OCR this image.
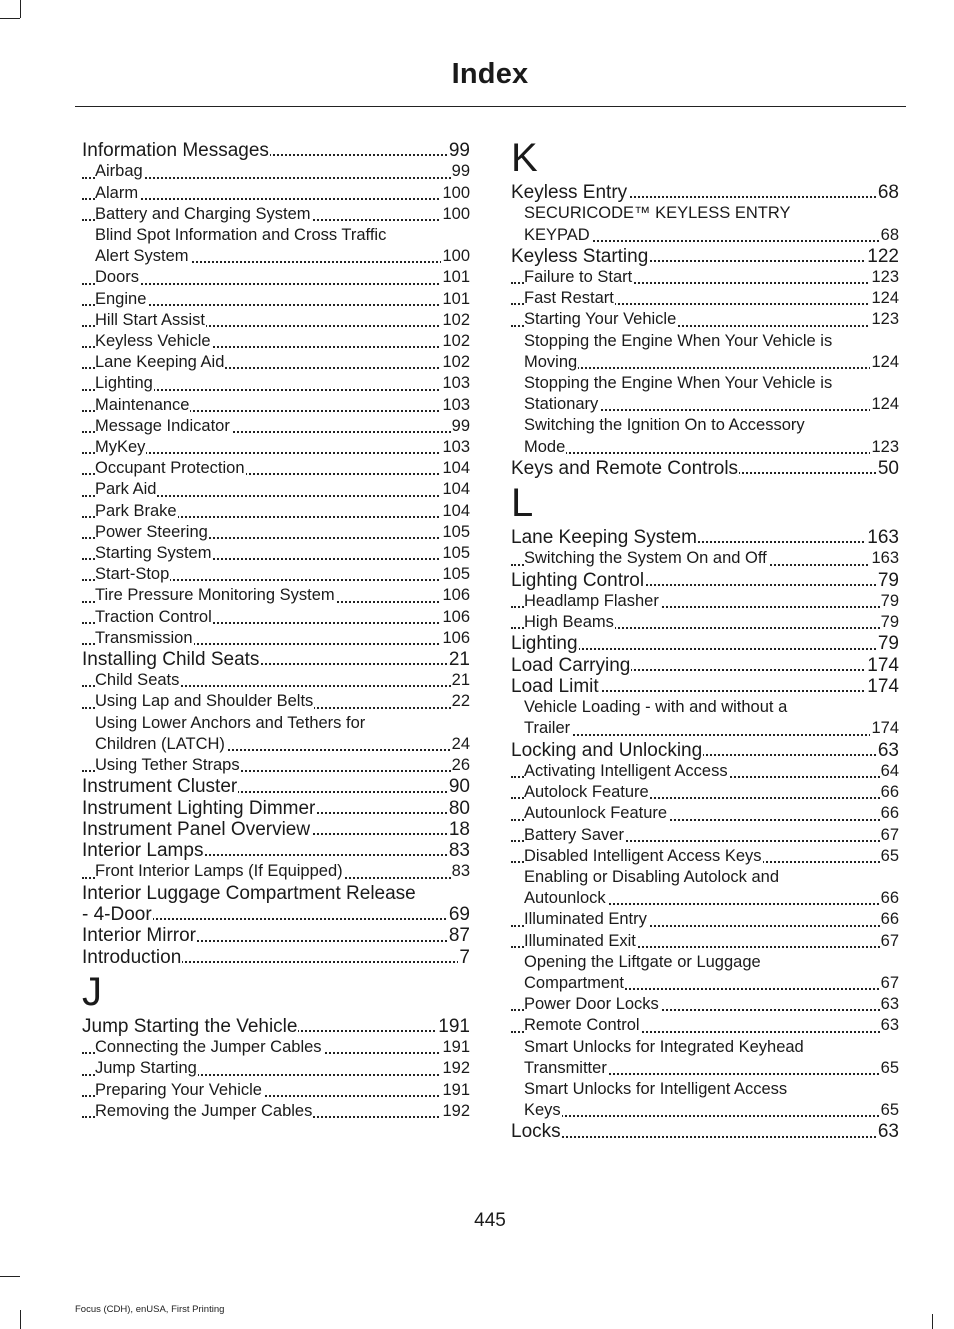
Index
Information Messages	99
Airbag	99
Alarm	100
Battery and Charging System	100
Blind Spot Information and Cross Traffic
Alert System	100
Doors	101
Engine	101
Hill Start Assist	102
Keyless Vehicle	102
Lane Keeping Aid	102
Lighting	103
Maintenance	103
Message Indicator	99
MyKey	103
Occupant Protection	104
Park Aid	104
Park Brake	104
Power Steering	105
Starting System	105
Start-Stop	105
Tire Pressure Monitoring System	106
Traction Control	106
Transmission	106
Installing Child Seats	21
Child Seats	21
Using Lap and Shoulder Belts	22
Using Lower Anchors and Tethers for
Children (LATCH)	24
Using Tether Straps	26
Instrument Cluster	90
Instrument Lighting Dimmer	80
Instrument Panel Overview	18
Interior Lamps	83
Front Interior Lamps (If Equipped)	83
Interior Luggage Compartment Release
- 4-Door	69
Interior Mirror	87
Introduction	7
J
Jump Starting the Vehicle	191
Connecting the Jumper Cables	191
Jump Starting	192
Preparing Your Vehicle	191
Removing the Jumper Cables	192
K
Keyless Entry	68
SECURICODE™ KEYLESS ENTRY
KEYPAD	68
Keyless Starting	122
Failure to Start	123
Fast Restart	124
Starting Your Vehicle	123
Stopping the Engine When Your Vehicle is
Moving	124
Stopping the Engine When Your Vehicle is
Stationary	124
Switching the Ignition On to Accessory
Mode	123
Keys and Remote Controls	50
L
Lane Keeping System	163
Switching the System On and Off	163
Lighting Control	79
Headlamp Flasher	79
High Beams	79
Lighting	79
Load Carrying	174
Load Limit	174
Vehicle Loading - with and without a
Trailer	174
Locking and Unlocking	63
Activating Intelligent Access	64
Autolock Feature	66
Autounlock Feature	66
Battery Saver	67
Disabled Intelligent Access Keys	65
Enabling or Disabling Autolock and
Autounlock	66
Illuminated Entry	66
Illuminated Exit	67
Opening the Liftgate or Luggage
Compartment	67
Power Door Locks	63
Remote Control	63
Smart Unlocks for Integrated Keyhead
Transmitter	65
Smart Unlocks for Intelligent Access
Keys	65
Locks	63
445
Focus (CDH), enUSA, First Printing
